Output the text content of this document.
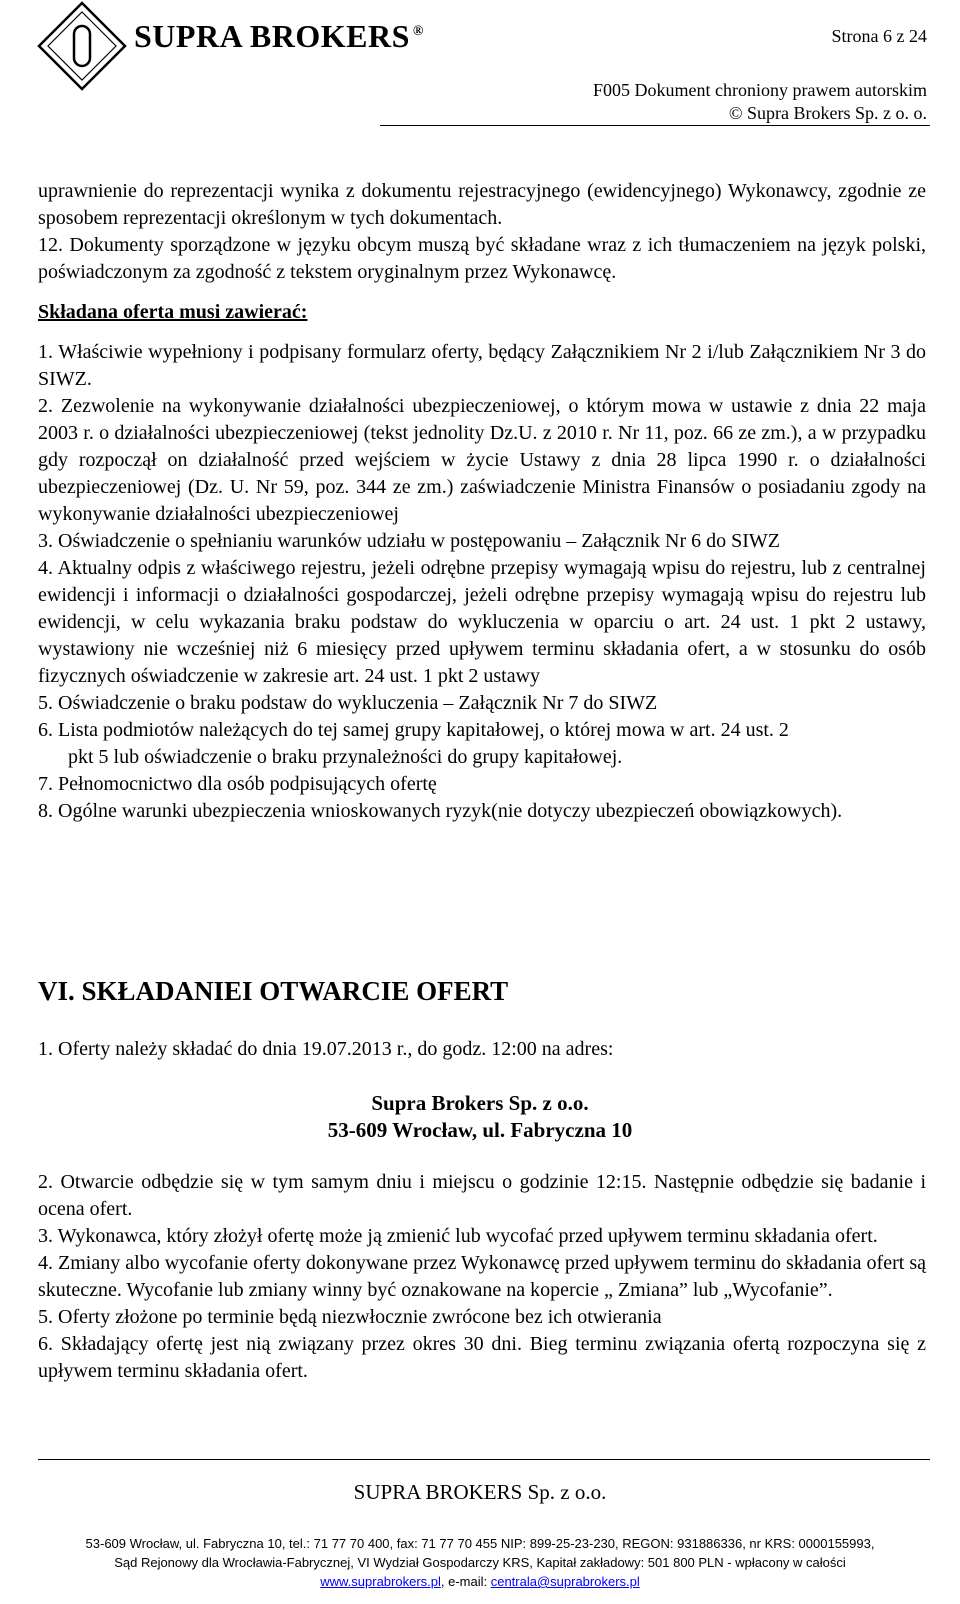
SUPRA BROKERS ®	Strona 6 z 24
F005 Dokument chroniony prawem autorskim
© Supra Brokers Sp. z o. o.

uprawnienie do reprezentacji wynika z dokumentu rejestracyjnego (ewidencyjnego) Wykonawcy, zgodnie ze sposobem reprezentacji określonym w tych dokumentach.

12. Dokumenty sporządzone w języku obcym muszą być składane wraz z ich tłumaczeniem na język polski, poświadczonym za zgodność z tekstem oryginalnym przez Wykonawcę.

Składana oferta musi zawierać:

1. Właściwie wypełniony i podpisany formularz oferty, będący Załącznikiem Nr 2 i/lub Załącznikiem Nr 3 do SIWZ.

2. Zezwolenie na wykonywanie działalności ubezpieczeniowej, o którym mowa w ustawie z dnia 22 maja 2003 r. o działalności ubezpieczeniowej (tekst jednolity Dz.U. z 2010 r. Nr 11, poz. 66 ze zm.), a w przypadku gdy rozpoczął on działalność przed wejściem w życie Ustawy z dnia 28 lipca 1990 r. o działalności ubezpieczeniowej (Dz. U. Nr 59, poz. 344 ze zm.) zaświadczenie Ministra Finansów o posiadaniu zgody na wykonywanie działalności ubezpieczeniowej

3. Oświadczenie o spełnianiu warunków udziału w postępowaniu – Załącznik Nr 6 do SIWZ

4. Aktualny odpis z właściwego rejestru, jeżeli odrębne przepisy wymagają wpisu do rejestru, lub z centralnej ewidencji i informacji o działalności gospodarczej, jeżeli odrębne przepisy wymagają wpisu do rejestru lub ewidencji, w celu wykazania braku podstaw do wykluczenia w oparciu o art. 24 ust. 1 pkt 2 ustawy, wystawiony nie wcześniej niż 6 miesięcy przed upływem terminu składania ofert, a w stosunku do osób fizycznych oświadczenie w zakresie art. 24 ust. 1 pkt 2 ustawy

5. Oświadczenie o braku podstaw do wykluczenia – Załącznik Nr 7 do SIWZ

6. Lista podmiotów należących do tej samej grupy kapitałowej, o której mowa w art. 24 ust. 2

pkt 5 lub oświadczenie o braku przynależności do grupy kapitałowej.

7. Pełnomocnictwo dla osób podpisujących ofertę

8. Ogólne warunki ubezpieczenia wnioskowanych ryzyk(nie dotyczy ubezpieczeń obowiązkowych).

VI. SKŁADANIEI OTWARCIE OFERT

1. Oferty należy składać do dnia 19.07.2013 r., do godz. 12:00 na adres:

Supra Brokers Sp. z o.o.
53-609 Wrocław, ul. Fabryczna 10

2. Otwarcie odbędzie się w tym samym dniu i miejscu o godzinie 12:15. Następnie odbędzie się badanie i ocena ofert.

3. Wykonawca, który złożył ofertę może ją zmienić lub wycofać przed upływem terminu składania ofert.

4. Zmiany albo wycofanie oferty dokonywane przez Wykonawcę przed upływem terminu do składania ofert są skuteczne. Wycofanie lub zmiany winny być oznakowane na kopercie „ Zmiana” lub „Wycofanie”.

5. Oferty złożone po terminie będą niezwłocznie zwrócone bez ich otwierania

6. Składający ofertę jest nią związany przez okres 30 dni. Bieg terminu związania ofertą rozpoczyna się z upływem terminu składania ofert.

SUPRA BROKERS Sp. z o.o.
53-609 Wrocław, ul. Fabryczna 10, tel.: 71 77 70 400, fax: 71 77 70 455 NIP: 899-25-23-230, REGON: 931886336, nr KRS: 0000155993,
Sąd Rejonowy dla Wrocławia-Fabrycznej, VI Wydział Gospodarczy KRS, Kapitał zakładowy: 501 800 PLN - wpłacony w całości
www.suprabrokers.pl, e-mail: centrala@suprabrokers.pl
